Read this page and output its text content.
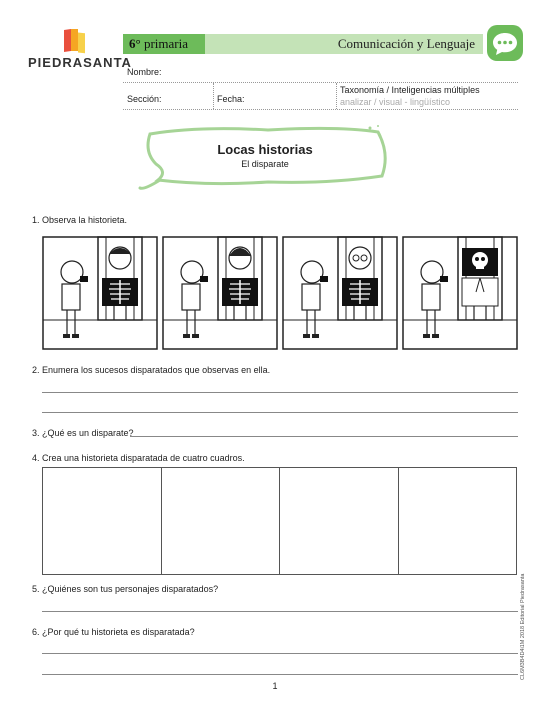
PIEDRASANTA
6° primaria	Comunicación y Lenguaje
Nombre:
Sección:	Fecha:
Taxonomía / Inteligencias múltiples
analizar / visual - lingüístico
Locas historias
El disparate
1. Observa la historieta.
2. Enumera los sucesos disparatados que observas en ella.
3. ¿Qué es un disparate?
4. Crea una historieta disparatada de cuatro cuadros.
5. ¿Quiénes son tus personajes disparatados?
6. ¿Por qué tu historieta es disparatada?	CL6M3B4D4i1M 2018 Editorial Piedrasanta
1
